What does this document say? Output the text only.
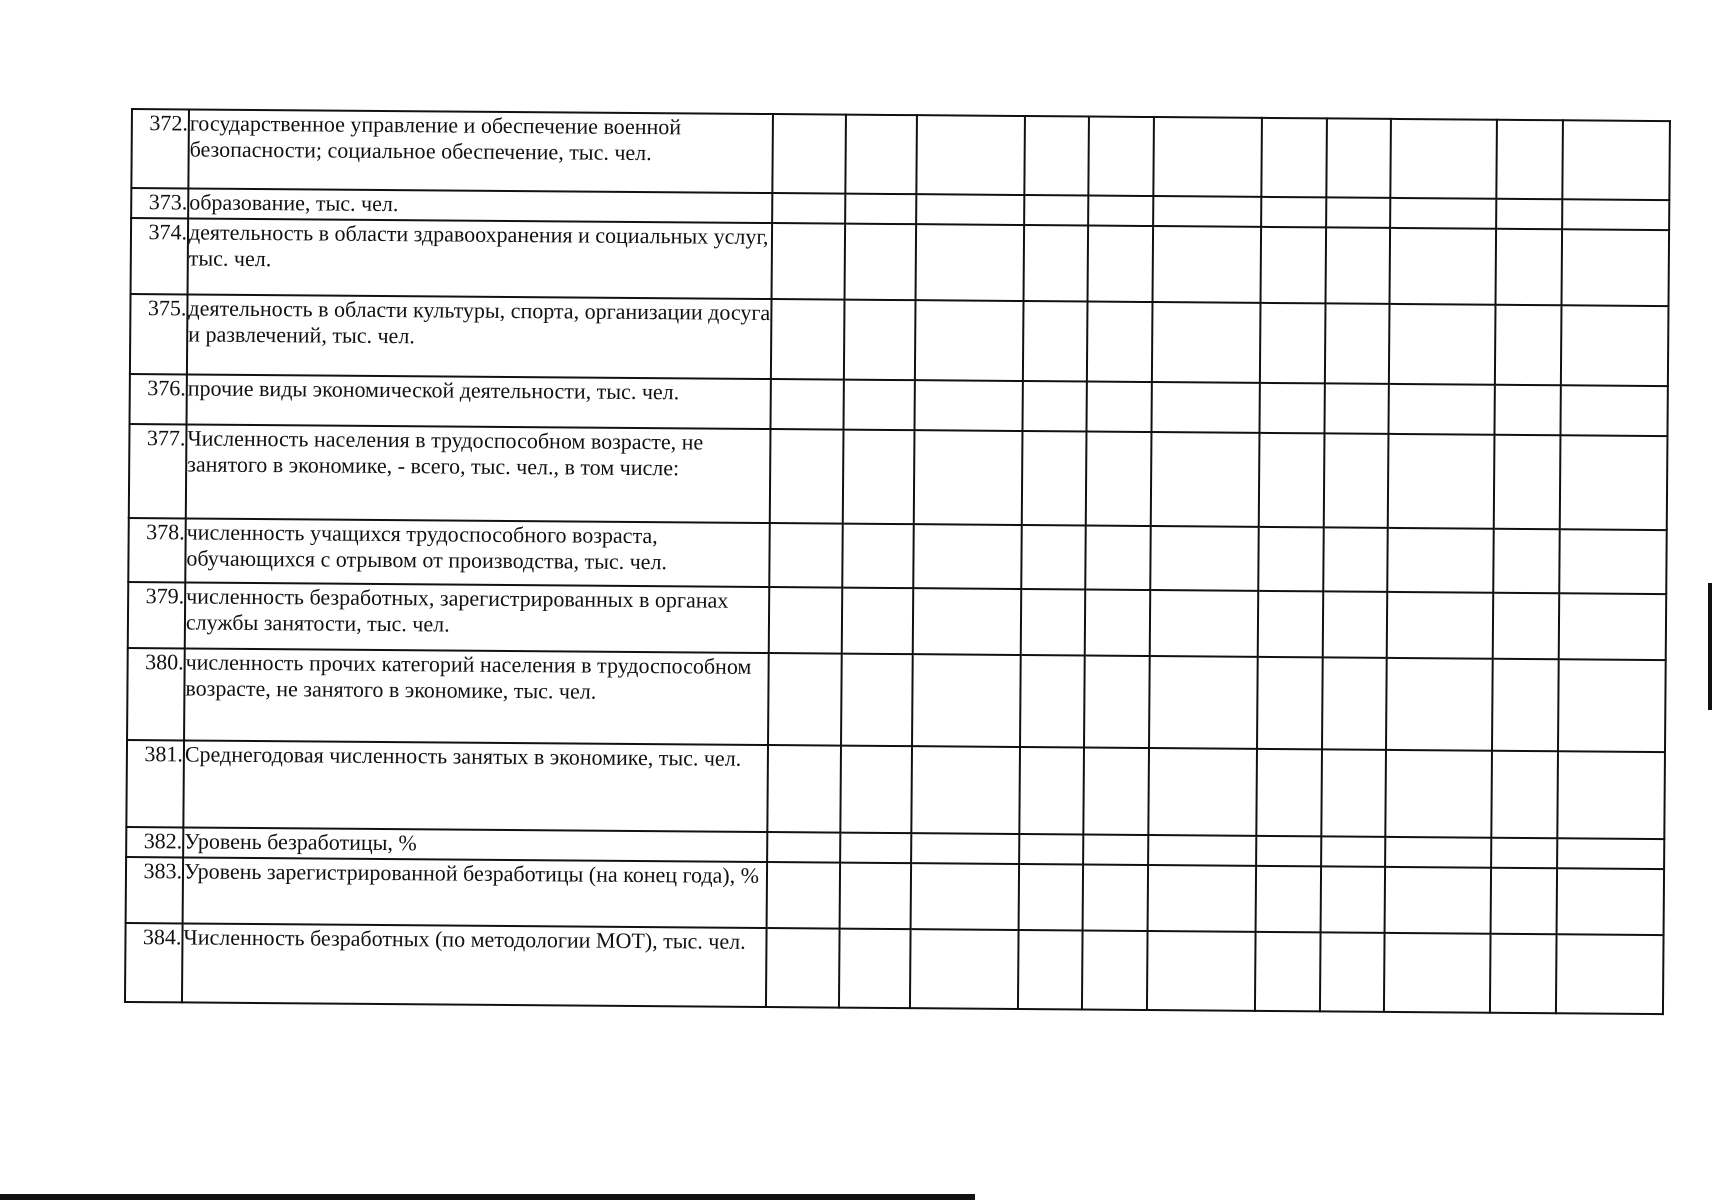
372.	государственное управление и обеспечение военной безопасности; социальное обеспечение, тыс. чел.											
373.	образование, тыс. чел.											
374.	деятельность в области здравоохранения и социальных услуг, тыс. чел.											
375.	деятельность в области культуры, спорта, организации досуга и развлечений, тыс. чел.											
376.	прочие виды экономической деятельности, тыс. чел.											
377.	Численность населения в трудоспособном возрасте, не занятого в экономике, - всего, тыс. чел., в том числе:											
378.	численность учащихся трудоспособного возраста, обучающихся с отрывом от производства, тыс. чел.											
379.	численность безработных, зарегистрированных в органах службы занятости, тыс. чел.											
380.	численность прочих категорий населения в трудоспособном возрасте, не занятого в экономике, тыс. чел.											
381.	Среднегодовая численность занятых в экономике, тыс. чел.											
382.	Уровень безработицы, %											
383.	Уровень зарегистрированной безработицы (на конец года), %											
384.	Численность безработных (по методологии МОТ), тыс. чел.											
